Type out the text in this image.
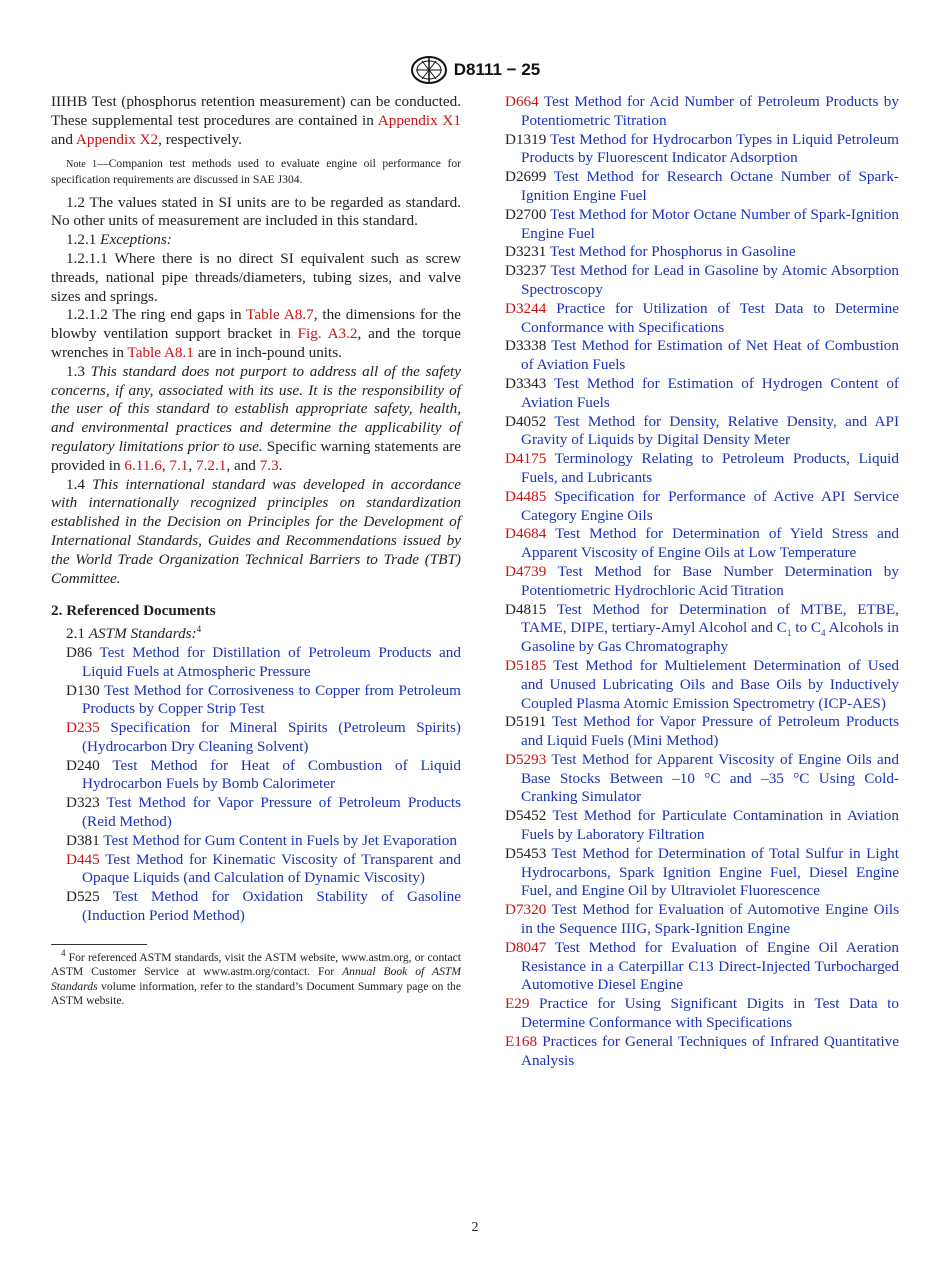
D8111 − 25

IIIHB Test (phosphorus retention measurement) can be conducted. These supplemental test procedures are contained in Appendix X1 and Appendix X2, respectively.

Note 1—Companion test methods used to evaluate engine oil performance for specification requirements are discussed in SAE J304.

1.2 The values stated in SI units are to be regarded as standard. No other units of measurement are included in this standard.

1.2.1 Exceptions:

1.2.1.1 Where there is no direct SI equivalent such as screw threads, national pipe threads/diameters, tubing sizes, and valve sizes and springs.

1.2.1.2 The ring end gaps in Table A8.7, the dimensions for the blowby ventilation support bracket in Fig. A3.2, and the torque wrenches in Table A8.1 are in inch-pound units.

1.3 This standard does not purport to address all of the safety concerns, if any, associated with its use. It is the responsibility of the user of this standard to establish appropriate safety, health, and environmental practices and determine the applicability of regulatory limitations prior to use. Specific warning statements are provided in 6.11.6, 7.1, 7.2.1, and 7.3.

1.4 This international standard was developed in accordance with internationally recognized principles on standardization established in the Decision on Principles for the Development of International Standards, Guides and Recommendations issued by the World Trade Organization Technical Barriers to Trade (TBT) Committee.

2. Referenced Documents

2.1 ASTM Standards:$^4$

D86 Test Method for Distillation of Petroleum Products and Liquid Fuels at Atmospheric Pressure

D130 Test Method for Corrosiveness to Copper from Petroleum Products by Copper Strip Test

D235 Specification for Mineral Spirits (Petroleum Spirits) (Hydrocarbon Dry Cleaning Solvent)

D240 Test Method for Heat of Combustion of Liquid Hydrocarbon Fuels by Bomb Calorimeter

D323 Test Method for Vapor Pressure of Petroleum Products (Reid Method)

D381 Test Method for Gum Content in Fuels by Jet Evaporation

D445 Test Method for Kinematic Viscosity of Transparent and Opaque Liquids (and Calculation of Dynamic Viscosity)

D525 Test Method for Oxidation Stability of Gasoline (Induction Period Method)

$^4$ For referenced ASTM standards, visit the ASTM website, www.astm.org, or contact ASTM Customer Service at www.astm.org/contact. For Annual Book of ASTM Standards volume information, refer to the standard’s Document Summary page on the ASTM website.

D664 Test Method for Acid Number of Petroleum Products by Potentiometric Titration

D1319 Test Method for Hydrocarbon Types in Liquid Petroleum Products by Fluorescent Indicator Adsorption

D2699 Test Method for Research Octane Number of Spark-Ignition Engine Fuel

D2700 Test Method for Motor Octane Number of Spark-Ignition Engine Fuel

D3231 Test Method for Phosphorus in Gasoline

D3237 Test Method for Lead in Gasoline by Atomic Absorption Spectroscopy

D3244 Practice for Utilization of Test Data to Determine Conformance with Specifications

D3338 Test Method for Estimation of Net Heat of Combustion of Aviation Fuels

D3343 Test Method for Estimation of Hydrogen Content of Aviation Fuels

D4052 Test Method for Density, Relative Density, and API Gravity of Liquids by Digital Density Meter

D4175 Terminology Relating to Petroleum Products, Liquid Fuels, and Lubricants

D4485 Specification for Performance of Active API Service Category Engine Oils

D4684 Test Method for Determination of Yield Stress and Apparent Viscosity of Engine Oils at Low Temperature

D4739 Test Method for Base Number Determination by Potentiometric Hydrochloric Acid Titration

D4815 Test Method for Determination of MTBE, ETBE, TAME, DIPE, tertiary-Amyl Alcohol and $C_1$ to $C_4$ Alcohols in Gasoline by Gas Chromatography

D5185 Test Method for Multielement Determination of Used and Unused Lubricating Oils and Base Oils by Inductively Coupled Plasma Atomic Emission Spectrometry (ICP-AES)

D5191 Test Method for Vapor Pressure of Petroleum Products and Liquid Fuels (Mini Method)

D5293 Test Method for Apparent Viscosity of Engine Oils and Base Stocks Between –10 °C and –35 °C Using Cold-Cranking Simulator

D5452 Test Method for Particulate Contamination in Aviation Fuels by Laboratory Filtration

D5453 Test Method for Determination of Total Sulfur in Light Hydrocarbons, Spark Ignition Engine Fuel, Diesel Engine Fuel, and Engine Oil by Ultraviolet Fluorescence

D7320 Test Method for Evaluation of Automotive Engine Oils in the Sequence IIIG, Spark-Ignition Engine

D8047 Test Method for Evaluation of Engine Oil Aeration Resistance in a Caterpillar C13 Direct-Injected Turbocharged Automotive Diesel Engine

E29 Practice for Using Significant Digits in Test Data to Determine Conformance with Specifications

E168 Practices for General Techniques of Infrared Quantitative Analysis

2
